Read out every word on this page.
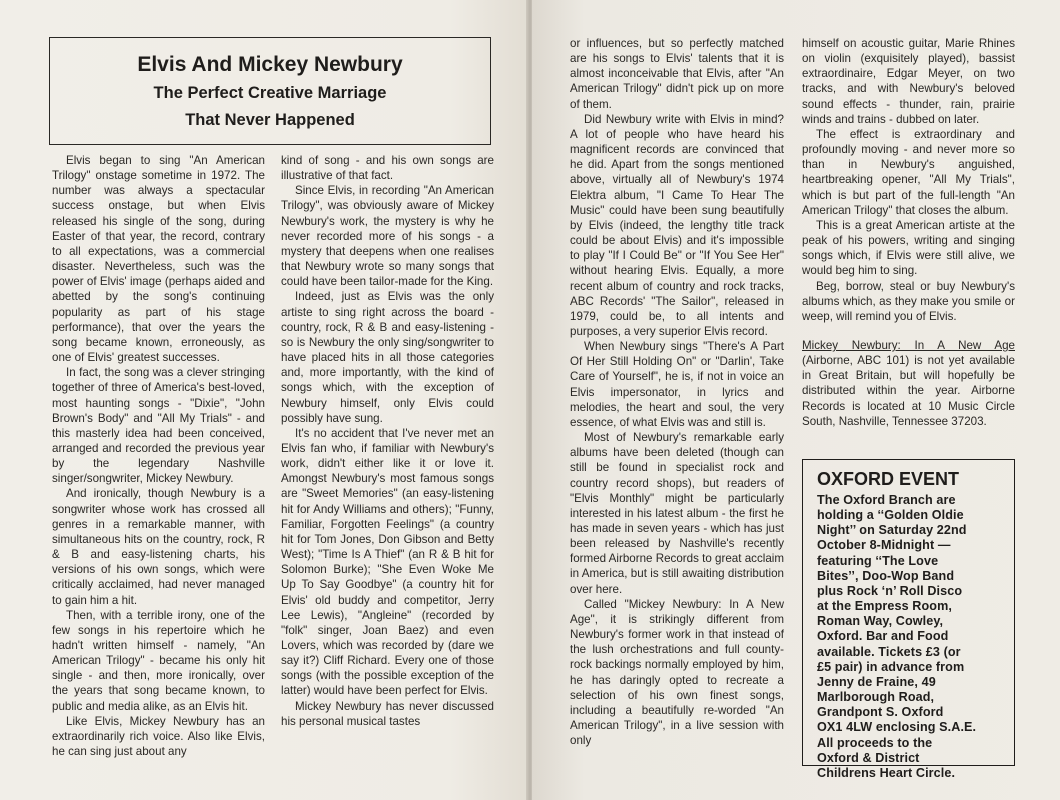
Elvis And Mickey Newbury
The Perfect Creative Marriage
That Never Happened

Elvis began to sing "An American Trilogy" onstage sometime in 1972. The number was always a spectacular success onstage, but when Elvis released his single of the song, during Easter of that year, the record, contrary to all expectations, was a commercial disaster. Nevertheless, such was the power of Elvis' image (perhaps aided and abetted by the song's continuing popularity as part of his stage performance), that over the years the song became known, erroneously, as one of Elvis' greatest successes.

In fact, the song was a clever stringing together of three of America's best-loved, most haunting songs - "Dixie", "John Brown's Body" and "All My Trials" - and this masterly idea had been conceived, arranged and recorded the previous year by the legendary Nashville singer/songwriter, Mickey Newbury.

And ironically, though Newbury is a songwriter whose work has crossed all genres in a remarkable manner, with simultaneous hits on the country, rock, R & B and easy-listening charts, his versions of his own songs, which were critically acclaimed, had never managed to gain him a hit.

Then, with a terrible irony, one of the few songs in his repertoire which he hadn't written himself - namely, "An American Trilogy" - became his only hit single - and then, more ironically, over the years that song became known, to public and media alike, as an Elvis hit.

Like Elvis, Mickey Newbury has an extraordinarily rich voice. Also like Elvis, he can sing just about any

kind of song - and his own songs are illustrative of that fact.

Since Elvis, in recording "An American Trilogy", was obviously aware of Mickey Newbury's work, the mystery is why he never recorded more of his songs - a mystery that deepens when one realises that Newbury wrote so many songs that could have been tailor-made for the King.

Indeed, just as Elvis was the only artiste to sing right across the board - country, rock, R & B and easy-listening - so is Newbury the only sing/songwriter to have placed hits in all those categories and, more importantly, with the kind of songs which, with the exception of Newbury himself, only Elvis could possibly have sung.

It's no accident that I've never met an Elvis fan who, if familiar with Newbury's work, didn't either like it or love it. Amongst Newbury's most famous songs are "Sweet Memories" (an easy-listening hit for Andy Williams and others); "Funny, Familiar, Forgotten Feelings" (a country hit for Tom Jones, Don Gibson and Betty West); "Time Is A Thief" (an R & B hit for Solomon Burke); "She Even Woke Me Up To Say Goodbye" (a country hit for Elvis' old buddy and competitor, Jerry Lee Lewis), "Angleine" (recorded by "folk" singer, Joan Baez) and even Lovers, which was recorded by (dare we say it?) Cliff Richard. Every one of those songs (with the possible exception of the latter) would have been perfect for Elvis.

Mickey Newbury has never discussed his personal musical tastes

or influences, but so perfectly matched are his songs to Elvis' talents that it is almost inconceivable that Elvis, after "An American Trilogy" didn't pick up on more of them.

Did Newbury write with Elvis in mind? A lot of people who have heard his magnificent records are convinced that he did. Apart from the songs mentioned above, virtually all of Newbury's 1974 Elektra album, "I Came To Hear The Music" could have been sung beautifully by Elvis (indeed, the lengthy title track could be about Elvis) and it's impossible to play "If I Could Be" or "If You See Her" without hearing Elvis. Equally, a more recent album of country and rock tracks, ABC Records' "The Sailor", released in 1979, could be, to all intents and purposes, a very superior Elvis record.

When Newbury sings "There's A Part Of Her Still Holding On" or "Darlin', Take Care of Yourself", he is, if not in voice an Elvis impersonator, in lyrics and melodies, the heart and soul, the very essence, of what Elvis was and still is.

Most of Newbury's remarkable early albums have been deleted (though can still be found in specialist rock and country record shops), but readers of "Elvis Monthly" might be particularly interested in his latest album - the first he has made in seven years - which has just been released by Nashville's recently formed Airborne Records to great acclaim in America, but is still awaiting distribution over here.

Called "Mickey Newbury: In A New Age", it is strikingly different from Newbury's former work in that instead of the lush orchestrations and full county-rock backings normally employed by him, he has daringly opted to recreate a selection of his own finest songs, including a beautifully re-worded "An American Trilogy", in a live session with only

himself on acoustic guitar, Marie Rhines on violin (exquisitely played), bassist extraordinaire, Edgar Meyer, on two tracks, and with Newbury's beloved sound effects - thunder, rain, prairie winds and trains - dubbed on later.

The effect is extraordinary and profoundly moving - and never more so than in Newbury's anguished, heartbreaking opener, "All My Trials", which is but part of the full-length "An American Trilogy" that closes the album.

This is a great American artiste at the peak of his powers, writing and singing songs which, if Elvis were still alive, we would beg him to sing.

Beg, borrow, steal or buy Newbury's albums which, as they make you smile or weep, will remind you of Elvis.

Mickey Newbury: In A New Age (Airborne, ABC 101) is not yet available in Great Britain, but will hopefully be distributed within the year. Airborne Records is located at 10 Music Circle South, Nashville, Tennessee 37203.

OXFORD EVENT
The Oxford Branch are
holding a ‘‘Golden Oldie
Night’’ on Saturday 22nd
October 8-Midnight —
featuring ‘‘The Love
Bites’’, Doo-Wop Band
plus Rock ‘n’ Roll Disco
at the Empress Room,
Roman Way, Cowley,
Oxford. Bar and Food
available. Tickets £3 (or
£5 pair) in advance from
Jenny de Fraine, 49
Marlborough Road,
Grandpont S. Oxford
OX1 4LW enclosing S.A.E.
All proceeds to the
Oxford & District
Childrens Heart Circle.
